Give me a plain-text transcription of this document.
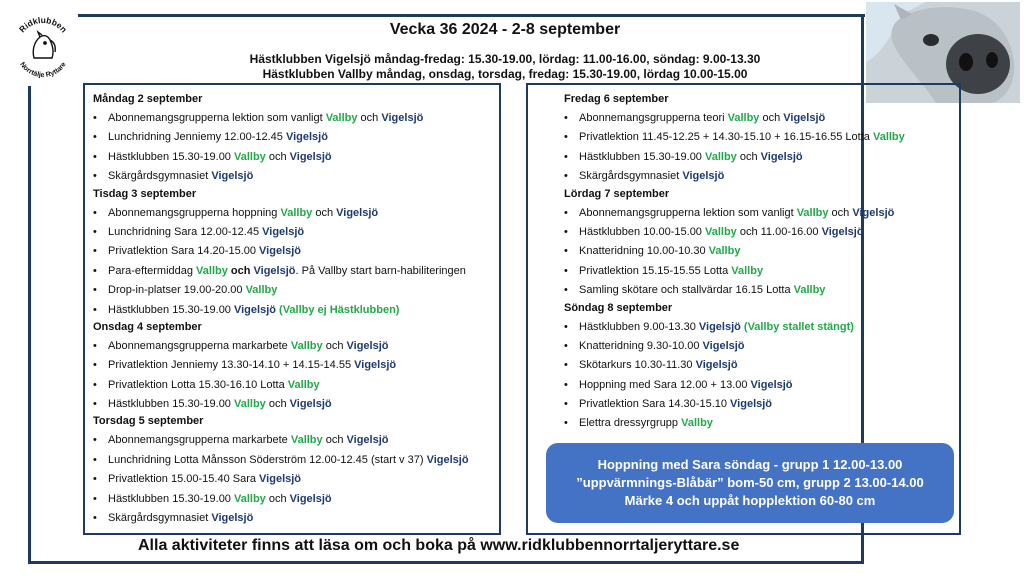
Ridklubben
Norrtälje Ryttare
Vecka 36 2024 - 2-8 september
Hästklubben Vigelsjö måndag-fredag: 15.30-19.00, lördag: 11.00-16.00, söndag: 9.00-13.30
Hästklubben Vallby måndag, onsdag, torsdag, fredag: 15.30-19.00, lördag 10.00-15.00
Måndag 2 september
• Abonnemangsgrupperna lektion som vanligt Vallby och Vigelsjö
• Lunchridning Jenniemy 12.00-12.45 Vigelsjö
• Hästklubben 15.30-19.00 Vallby och Vigelsjö
• Skärgårdsgymnasiet Vigelsjö
Tisdag 3 september
• Abonnemangsgrupperna hoppning Vallby och Vigelsjö
• Lunchridning Sara 12.00-12.45 Vigelsjö
• Privatlektion Sara 14.20-15.00 Vigelsjö
• Para-eftermiddag Vallby och Vigelsjö. På Vallby start barn-habiliteringen
• Drop-in-platser 19.00-20.00 Vallby
• Hästklubben 15.30-19.00 Vigelsjö (Vallby ej Hästklubben)
Onsdag 4 september
• Abonnemangsgrupperna markarbete Vallby och Vigelsjö
• Privatlektion Jenniemy 13.30-14.10 + 14.15-14.55 Vigelsjö
• Privatlektion Lotta 15.30-16.10 Lotta Vallby
• Hästklubben 15.30-19.00 Vallby och Vigelsjö
Torsdag 5 september
• Abonnemangsgrupperna markarbete Vallby och Vigelsjö
• Lunchridning Lotta Månsson Söderström 12.00-12.45 (start v 37) Vigelsjö
• Privatlektion 15.00-15.40 Sara Vigelsjö
• Hästklubben 15.30-19.00 Vallby och Vigelsjö
• Skärgårdsgymnasiet Vigelsjö
Fredag 6 september
• Abonnemangsgrupperna teori Vallby och Vigelsjö
• Privatlektion 11.45-12.25 + 14.30-15.10 + 16.15-16.55 Lotta Vallby
• Hästklubben 15.30-19.00 Vallby och Vigelsjö
• Skärgårdsgymnasiet Vigelsjö
Lördag 7 september
• Abonnemangsgrupperna lektion som vanligt Vallby och Vigelsjö
• Hästklubben 10.00-15.00 Vallby och 11.00-16.00 Vigelsjö
• Knatteridning 10.00-10.30 Vallby
• Privatlektion 15.15-15.55 Lotta Vallby
• Samling skötare och stallvärdar 16.15 Lotta Vallby
Söndag 8 september
• Hästklubben 9.00-13.30 Vigelsjö (Vallby stallet stängt)
• Knatteridning 9.30-10.00 Vigelsjö
• Skötarkurs 10.30-11.30 Vigelsjö
• Hoppning med Sara 12.00 + 13.00 Vigelsjö
• Privatlektion Sara 14.30-15.10 Vigelsjö
• Elettra dressyrgrupp Vallby
Hoppning med Sara söndag - grupp 1 12.00-13.00 ”uppvärmnings-Blåbär” bom-50 cm, grupp 2 13.00-14.00 Märke 4 och uppåt hopplektion 60-80 cm
Alla aktiviteter finns att läsa om och boka på www.ridklubbennorrtaljeryttare.se
